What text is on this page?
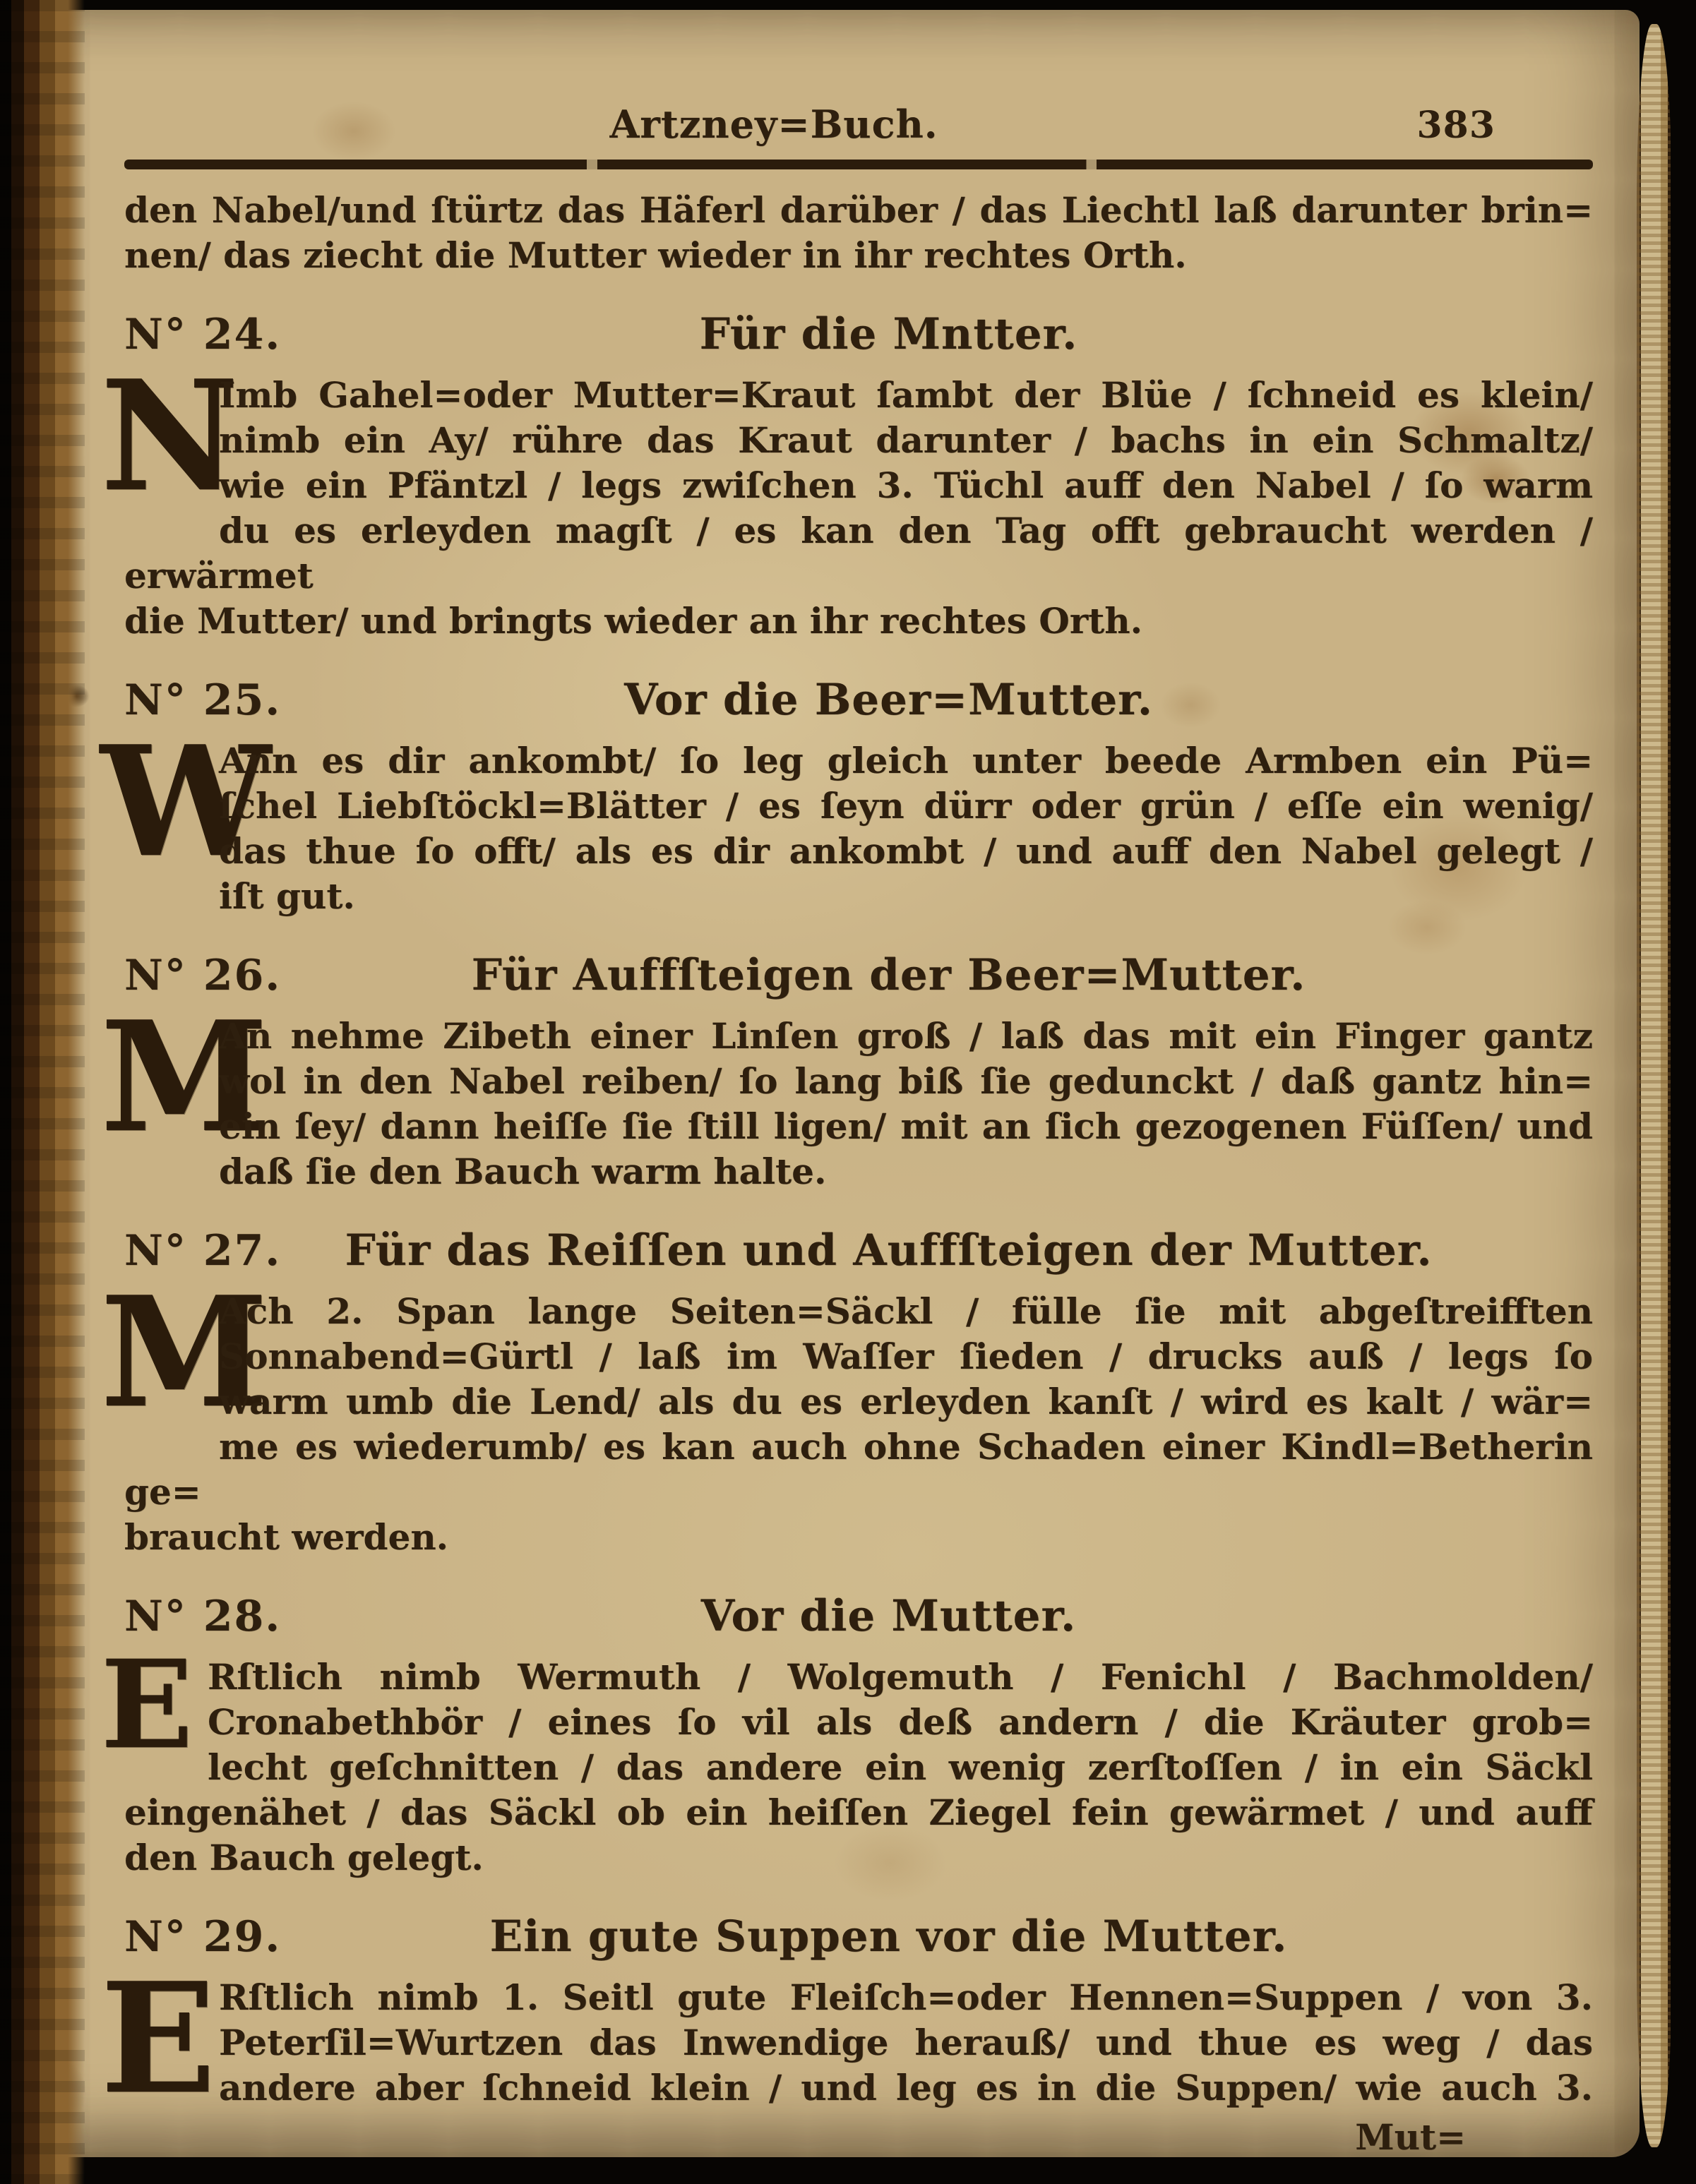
Artzney=Buch.	383
den Nabel/und ſtürtz das Häferl darüber / das Liechtl laß darunter brin=
nen/ das ziecht die Mutter wieder in ihr rechtes Orth.
N° 24.	Für die Mntter.
N
Imb Gahel=oder Mutter=Kraut ſambt der Blüe / ſchneid es klein/
nimb ein Ay/ rühre das Kraut darunter / bachs in ein Schmaltz/
wie ein Pfäntzl / legs zwiſchen 3. Tüchl auff den Nabel / ſo warm
du es erleyden magſt / es kan den Tag offt gebraucht werden / erwärmet
die Mutter/ und bringts wieder an ihr rechtes Orth.
N° 25.	Vor die Beer=Mutter.
W
Ann es dir ankombt/ ſo leg gleich unter beede Armben ein Pü=
ſchel Liebſtöckl=Blätter / es ſeyn dürr oder grün / eſſe ein wenig/
das thue ſo offt/ als es dir ankombt / und auff den Nabel gelegt /
iſt gut.
N° 26.	Für Auffſteigen der Beer=Mutter.
M
An nehme Zibeth einer Linſen groß / laß das mit ein Finger gantz
wol in den Nabel reiben/ ſo lang biß ſie gedunckt / daß gantz hin=
ein ſey/ dann heiſſe ſie ſtill ligen/ mit an ſich gezogenen Füſſen/ und
daß ſie den Bauch warm halte.
N° 27.	Für das Reiſſen und Auffſteigen der Mutter.
M
Ach 2. Span lange Seiten=Säckl / fülle ſie mit abgeſtreifften
Sonnabend=Gürtl / laß im Waſſer ſieden / drucks auß / legs ſo
warm umb die Lend/ als du es erleyden kanſt / wird es kalt / wär=
me es wiederumb/ es kan auch ohne Schaden einer Kindl=Betherin ge=
braucht werden.
N° 28.	Vor die Mutter.
E Rſtlich nimb Wermuth / Wolgemuth / Fenichl / Bachmolden/
Cronabethbör / eines ſo vil als deß andern / die Kräuter grob=
lecht geſchnitten / das andere ein wenig zerſtoſſen / in ein Säckl
eingenähet / das Säckl ob ein heiſſen Ziegel fein gewärmet / und auff
den Bauch gelegt.
N° 29.	Ein gute Suppen vor die Mutter.
E Rſtlich nimb 1. Seitl gute Fleiſch=oder Hennen=Suppen / von 3.
Peterſil=Wurtzen das Inwendige herauß/ und thue es weg / das
andere aber ſchneid klein / und leg es in die Suppen/ wie auch 3.
Mut=
